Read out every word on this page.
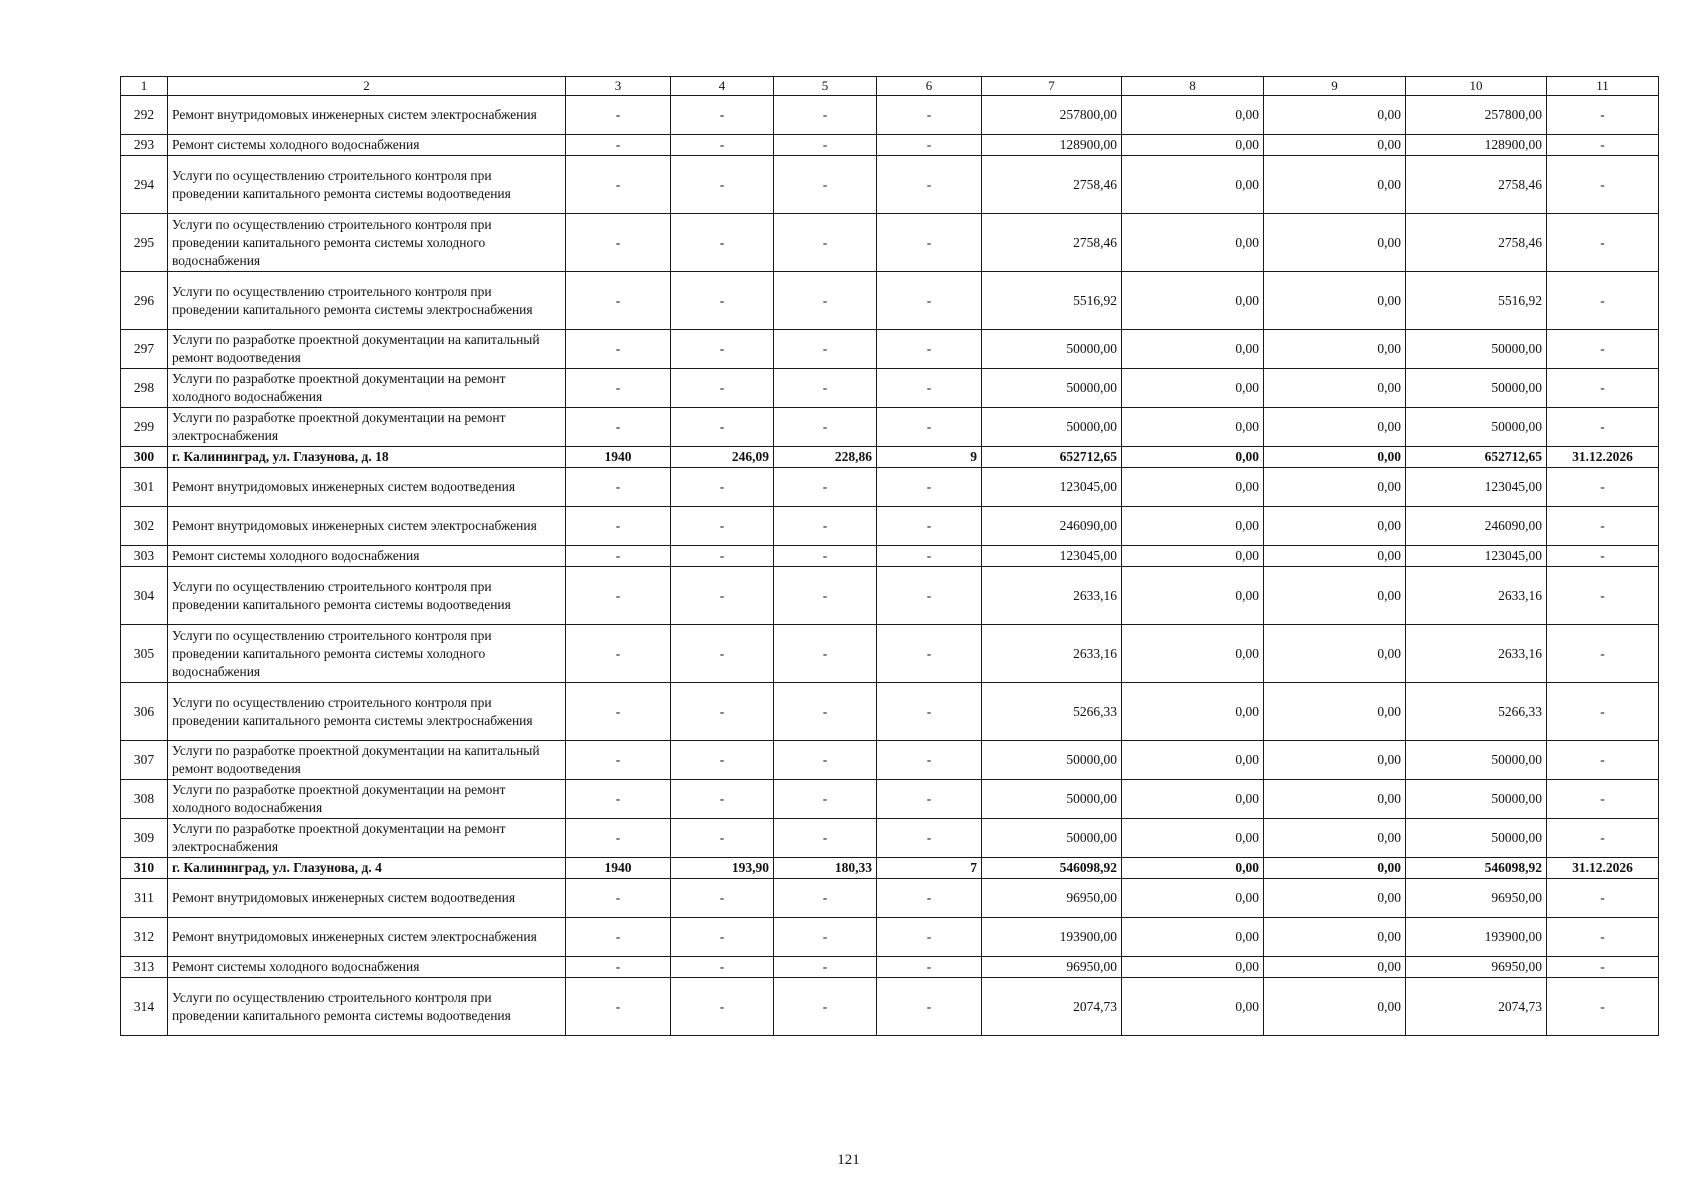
1	2	3	4	5	6	7	8	9	10	11
292	Ремонт внутридомовых инженерных систем электроснабжения	-	-	-	-	257800,00	0,00	0,00	257800,00	-
293	Ремонт системы холодного водоснабжения	-	-	-	-	128900,00	0,00	0,00	128900,00	-
294	Услуги по осуществлению строительного контроля при проведении капитального ремонта системы водоотведения	-	-	-	-	2758,46	0,00	0,00	2758,46	-
295	Услуги по осуществлению строительного контроля при проведении капитального ремонта системы холодного водоснабжения	-	-	-	-	2758,46	0,00	0,00	2758,46	-
296	Услуги по осуществлению строительного контроля при проведении капитального ремонта системы электроснабжения	-	-	-	-	5516,92	0,00	0,00	5516,92	-
297	Услуги по разработке проектной документации на капитальный ремонт водоотведения	-	-	-	-	50000,00	0,00	0,00	50000,00	-
298	Услуги по разработке проектной документации на ремонт холодного водоснабжения	-	-	-	-	50000,00	0,00	0,00	50000,00	-
299	Услуги по разработке проектной документации на ремонт электроснабжения	-	-	-	-	50000,00	0,00	0,00	50000,00	-
300	г. Калининград, ул. Глазунова, д. 18	1940	246,09	228,86	9	652712,65	0,00	0,00	652712,65	31.12.2026
301	Ремонт внутридомовых инженерных систем водоотведения	-	-	-	-	123045,00	0,00	0,00	123045,00	-
302	Ремонт внутридомовых инженерных систем электроснабжения	-	-	-	-	246090,00	0,00	0,00	246090,00	-
303	Ремонт системы холодного водоснабжения	-	-	-	-	123045,00	0,00	0,00	123045,00	-
304	Услуги по осуществлению строительного контроля при проведении капитального ремонта системы водоотведения	-	-	-	-	2633,16	0,00	0,00	2633,16	-
305	Услуги по осуществлению строительного контроля при проведении капитального ремонта системы холодного водоснабжения	-	-	-	-	2633,16	0,00	0,00	2633,16	-
306	Услуги по осуществлению строительного контроля при проведении капитального ремонта системы электроснабжения	-	-	-	-	5266,33	0,00	0,00	5266,33	-
307	Услуги по разработке проектной документации на капитальный ремонт водоотведения	-	-	-	-	50000,00	0,00	0,00	50000,00	-
308	Услуги по разработке проектной документации на ремонт холодного водоснабжения	-	-	-	-	50000,00	0,00	0,00	50000,00	-
309	Услуги по разработке проектной документации на ремонт электроснабжения	-	-	-	-	50000,00	0,00	0,00	50000,00	-
310	г. Калининград, ул. Глазунова, д. 4	1940	193,90	180,33	7	546098,92	0,00	0,00	546098,92	31.12.2026
311	Ремонт внутридомовых инженерных систем водоотведения	-	-	-	-	96950,00	0,00	0,00	96950,00	-
312	Ремонт внутридомовых инженерных систем электроснабжения	-	-	-	-	193900,00	0,00	0,00	193900,00	-
313	Ремонт системы холодного водоснабжения	-	-	-	-	96950,00	0,00	0,00	96950,00	-
314	Услуги по осуществлению строительного контроля при проведении капитального ремонта системы водоотведения	-	-	-	-	2074,73	0,00	0,00	2074,73	-
121
